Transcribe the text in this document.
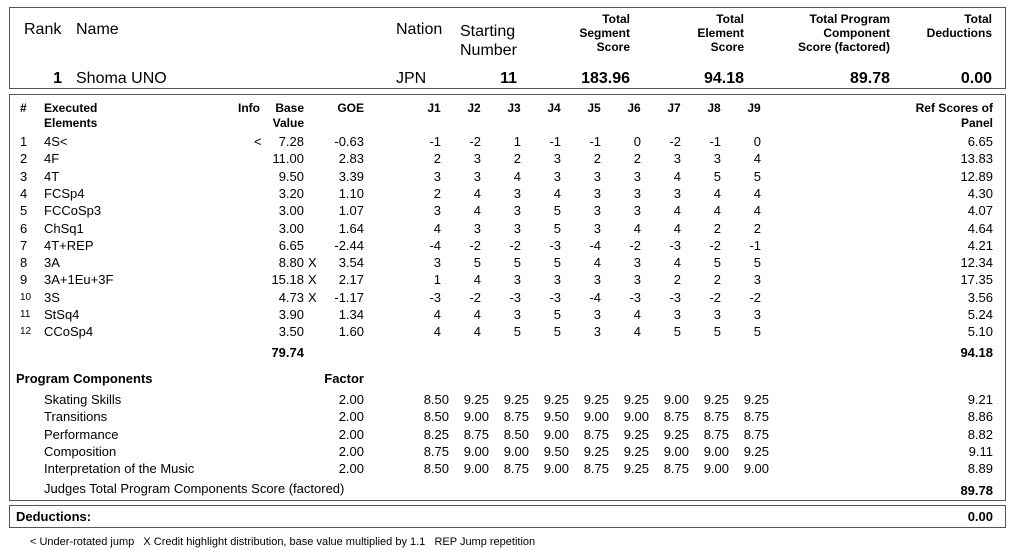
Rank Name	Nation Starting Number
Total Segment Score
Total Element Score
Total Program Component Score (factored)
Total Deductions
1 Shoma UNO	JPN	11	183.96	94.18	89.78	0.00
# Executed
Elements
Info	Base
Value
GOE	J1	J2	J3	J4	J5	J6	J7	J8	J9	Ref Scores of
Panel
1 4S<	<	7.28	-0.63	-1	-2	1	-1	-1	0	-2	-1	0	6.65
2 4F	11.00	2.83	2	3	2	3	2	2	3	3	4	13.83
3 4T	9.50	3.39	3	3	4	3	3	3	4	5	5	12.89
4 FCSp4	3.20	1.10	2	4	3	4	3	3	3	4	4	4.30
5 FCCoSp3	3.00	1.07	3	4	3	5	3	3	4	4	4	4.07
6 ChSq1	3.00	1.64	4	3	3	5	3	4	4	2	2	4.64
7 4T+REP	6.65	-2.44	-4	-2	-2	-3	-4	-2	-3	-2	-1	4.21
8 3A	8.80 X	3.54	3	5	5	5	4	3	4	5	5	12.34
9 3A+1Eu+3F	15.18 X	2.17	1	4	3	3	3	3	2	2	3	17.35
10 3S	4.73 X	-1.17	-3	-2	-3	-3	-4	-3	-3	-2	-2	3.56
11 StSq4	3.90	1.34	4	4	3	5	3	4	3	3	3	5.24
12 CCoSp4	3.50	1.60	4	4	5	5	3	4	5	5	5	5.10
79.74	94.18
Program Components	Factor
Skating Skills	2.00	8.50	9.25	9.25	9.25	9.25	9.25	9.00	9.25	9.25	9.21
Transitions	2.00	8.50	9.00	8.75	9.50	9.00	9.00	8.75	8.75	8.75	8.86
Performance	2.00	8.25	8.75	8.50	9.00	8.75	9.25	9.25	8.75	8.75	8.82
Composition	2.00	8.75	9.00	9.00	9.50	9.25	9.25	9.00	9.00	9.25	9.11
Interpretation of the Music	2.00	8.50	9.00	8.75	9.00	8.75	9.25	8.75	9.00	9.00	8.89
Judges Total Program Components Score (factored)	89.78
Deductions:	0.00
< Under-rotated jump   X Credit highlight distribution, base value multiplied by 1.1   REP Jump repetition
